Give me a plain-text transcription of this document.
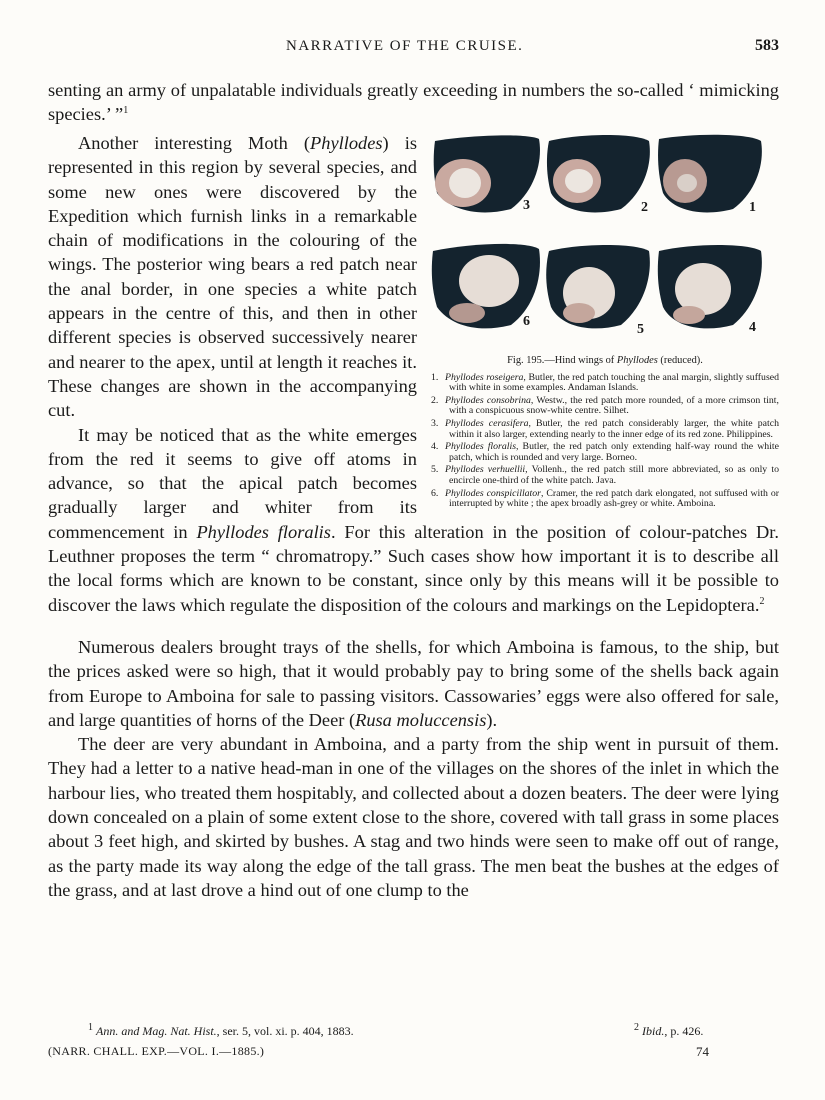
NARRATIVE OF THE CRUISE.	583

senting an army of unpalatable individuals greatly exceeding in numbers the so-called ‘ mimicking species.’ ”$^1$

3	2	1
6
5	4
Fig. 195.—Hind wings of Phyllodes (reduced).
1. Phyllodes roseigera, Butler, the red patch touching the anal margin, slightly suffused with white in some examples. Andaman Islands.
2. Phyllodes consobrina, Westw., the red patch more rounded, of a more crimson tint, with a conspicuous snow-white centre. Silhet.
3. Phyllodes cerasifera, Butler, the red patch considerably larger, the white patch within it also larger, extending nearly to the inner edge of its red zone. Philippines.
4. Phyllodes floralis, Butler, the red patch only extending half-way round the white patch, which is rounded and very large. Borneo.
5. Phyllodes verhuellii, Vollenh., the red patch still more abbreviated, so as only to encircle one-third of the white patch. Java.
6. Phyllodes conspicillator, Cramer, the red patch dark elongated, not suffused with or interrupted by white ; the apex broadly ash-grey or white. Amboina.

Another interesting Moth (Phyllodes) is represented in this region by several species, and some new ones were discovered by the Expedition which furnish links in a remarkable chain of modifications in the colouring of the wings. The posterior wing bears a red patch near the anal border, in one species a white patch appears in the centre of this, and then in other different species is observed successively nearer and nearer to the apex, until at length it reaches it. These changes are shown in the accompanying cut.

It may be noticed that as the white emerges from the red it seems to give off atoms in advance, so that the apical patch becomes gradually larger and whiter from its commencement in Phyllodes floralis. For this alteration in the position of colour-patches Dr. Leuthner proposes the term “ chromatropy.” Such cases show how important it is to describe all the local forms which are known to be constant, since only by this means will it be possible to discover the laws which regulate the disposition of the colours and markings on the Lepidoptera.$^2$

Numerous dealers brought trays of the shells, for which Amboina is famous, to the ship, but the prices asked were so high, that it would probably pay to bring some of the shells back again from Europe to Amboina for sale to passing visitors. Cassowaries’ eggs were also offered for sale, and large quantities of horns of the Deer (Rusa moluccensis).

The deer are very abundant in Amboina, and a party from the ship went in pursuit of them. They had a letter to a native head-man in one of the villages on the shores of the inlet in which the harbour lies, who treated them hospitably, and collected about a dozen beaters. The deer were lying down concealed on a plain of some extent close to the shore, covered with tall grass in some places about 3 feet high, and skirted by bushes. A stag and two hinds were seen to make off out of range, as the party made its way along the edge of the tall grass. The men beat the bushes at the edges of the grass, and at last drove a hind out of one clump to the

$^1$ Ann. and Mag. Nat. Hist., ser. 5, vol. xi. p. 404, 1883.	$^2$ Ibid., p. 426.
(NARR. CHALL. EXP.—VOL. I.—1885.)	74
